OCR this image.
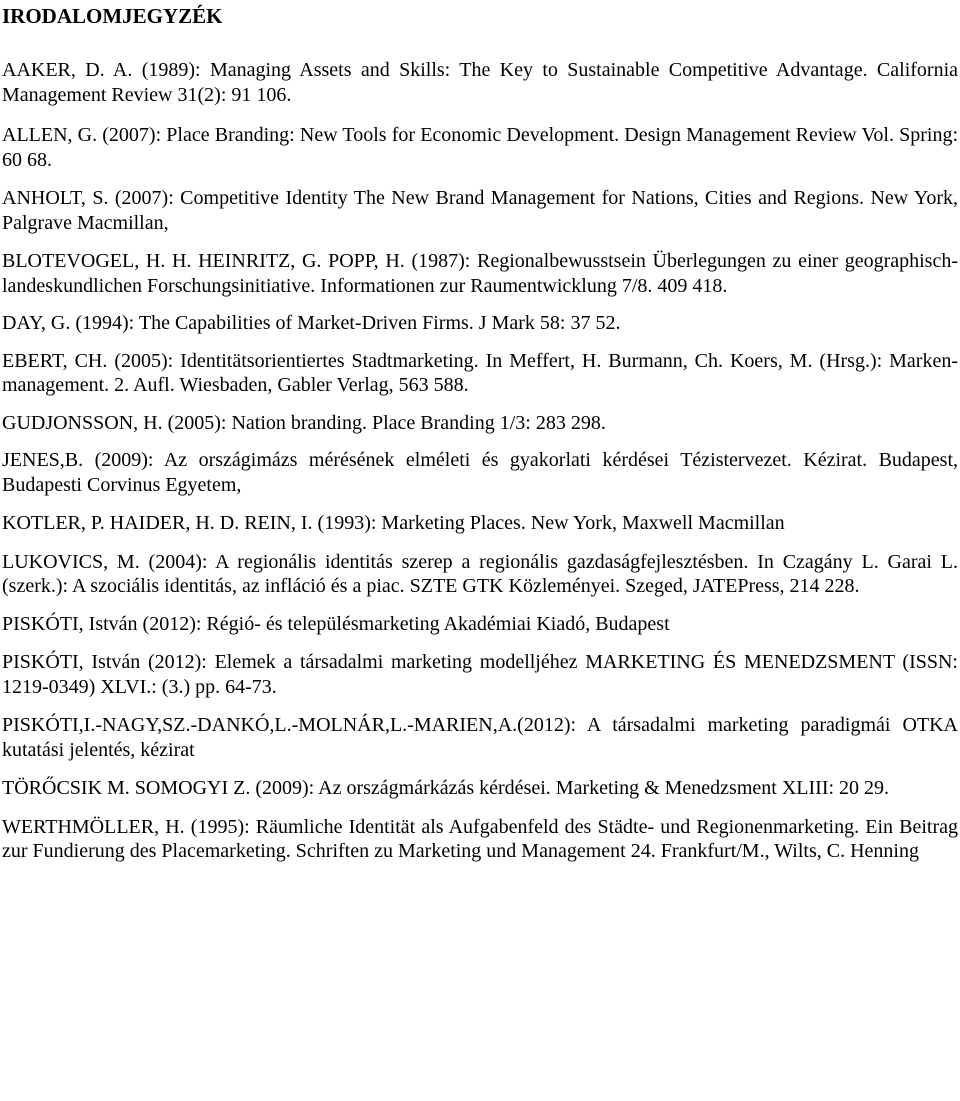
IRODALOMJEGYZÉK
AAKER, D. A. (1989): Managing Assets and Skills: The Key to Sustainable Competitive Advantage. California Management Review 31(2): 91 106.
ALLEN, G. (2007): Place Branding: New Tools for Economic Development. Design Management Review Vol. Spring: 60 68.
ANHOLT, S. (2007): Competitive Identity The New Brand Management for Nations, Cities and Regions. New York, Palgrave Macmillan,
BLOTEVOGEL, H. H. HEINRITZ, G. POPP, H. (1987): Regionalbewusstsein Überlegungen zu einer geographisch-landeskundlichen Forschungsinitiative. Informationen zur Raumentwicklung 7/8. 409 418.
DAY, G. (1994): The Capabilities of Market-Driven Firms. J Mark 58: 37 52.
EBERT, CH. (2005): Identitätsorientiertes Stadtmarketing. In Meffert, H. Burmann, Ch. Koers, M. (Hrsg.): Marken-management. 2. Aufl. Wiesbaden, Gabler Verlag, 563 588.
GUDJONSSON, H. (2005): Nation branding. Place Branding 1/3: 283 298.
JENES,B. (2009): Az országimázs mérésének elméleti és gyakorlati kérdései Tézistervezet. Kézirat. Budapest, Budapesti Corvinus Egyetem,
KOTLER, P. HAIDER, H. D. REIN, I. (1993): Marketing Places. New York, Maxwell Macmillan
LUKOVICS, M. (2004): A regionális identitás szerep a regionális gazdaságfejlesztésben. In Czagány L. Garai L. (szerk.): A szociális identitás, az infláció és a piac. SZTE GTK Közleményei. Szeged, JATEPress, 214 228.
PISKÓTI, István (2012): Régió- és településmarketing Akadémiai Kiadó, Budapest
PISKÓTI, István (2012): Elemek a társadalmi marketing modelljéhez MARKETING ÉS MENEDZSMENT (ISSN: 1219-0349) XLVI.: (3.) pp. 64-73.
PISKÓTI,I.-NAGY,SZ.-DANKÓ,L.-MOLNÁR,L.-MARIEN,A.(2012): A társadalmi marketing paradigmái OTKA kutatási jelentés, kézirat
TÖRŐCSIK M. SOMOGYI Z. (2009): Az országmárkázás kérdései. Marketing & Menedzsment XLIII: 20 29.
WERTHMÖLLER, H. (1995): Räumliche Identität als Aufgabenfeld des Städte- und Regionenmarketing. Ein Beitrag zur Fundierung des Placemarketing. Schriften zu Marketing und Management 24. Frankfurt/M., Wilts, C. Henning
